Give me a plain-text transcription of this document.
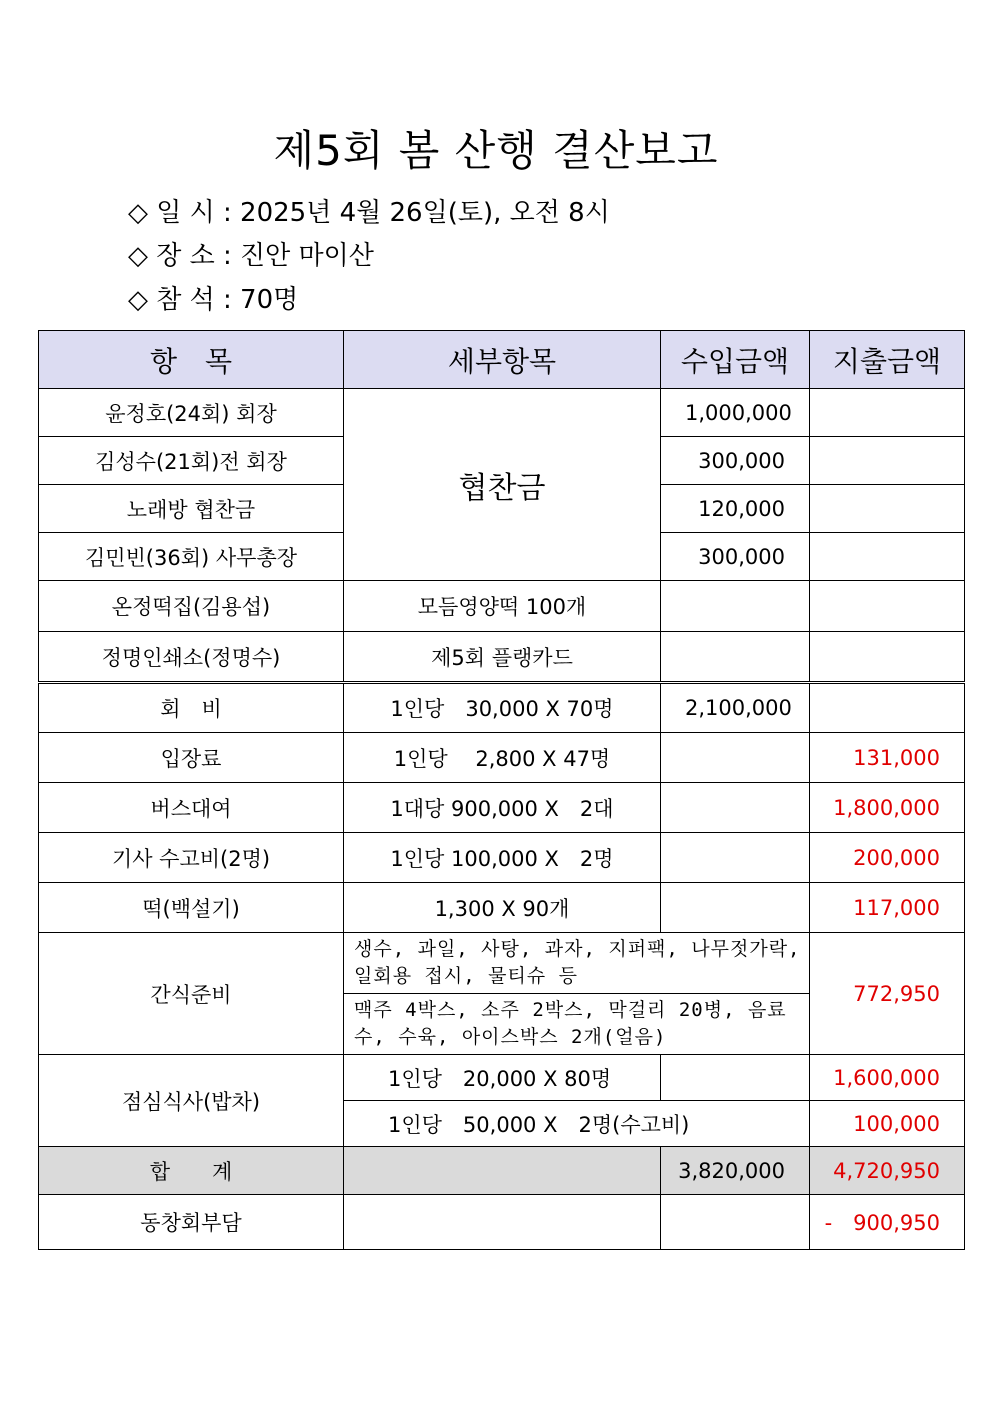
제5회 봄 산행 결산보고
◇ 일 시 : 2025년 4월 26일(토), 오전 8시
◇ 장 소 : 진안 마이산
◇ 참 석 : 70명
항　목	세부항목	수입금액	지출금액
윤정호(24회) 회장	협찬금	1,000,000	
김성수(21회)전 회장		300,000	
노래방 협찬금		120,000	
김민빈(36회) 사무총장		300,000	
온정떡집(김용섭)	모듬영양떡 100개		
정명인쇄소(정명수)	제5회 플랭카드		
회　비	1인당　30,000 X 70명	2,100,000	
입장료	1인당　 2,800 X 47명		131,000
버스대여	1대당 900,000 X　2대		1,800,000
기사 수고비(2명)	1인당 100,000 X　2명		200,000
떡(백설기)	1,300 X 90개		117,000
간식준비	생수, 과일, 사탕, 과자, 지퍼팩, 나무젓가락, 일회용 접시, 물티슈 등		772,950
	맥주 4박스, 소주 2박스, 막걸리 20병, 음료수, 수육, 아이스박스 2개(얼음)		
점심식사(밥차)	1인당　20,000 X 80명		1,600,000
	1인당　50,000 X　2명(수고비)		100,000
합　　계		3,820,000	4,720,950
동창회부담			-　900,950
